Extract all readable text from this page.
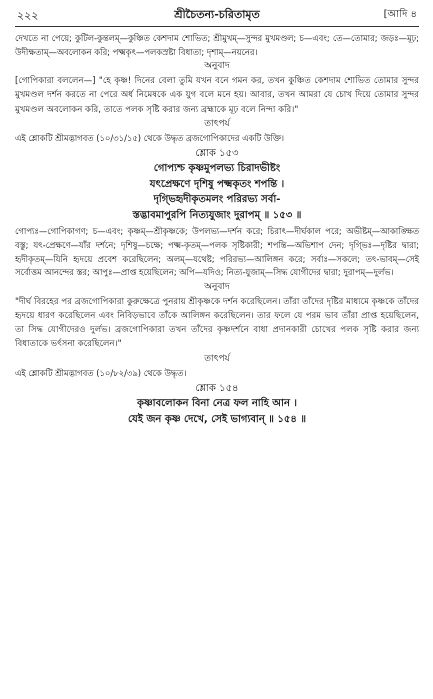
২২২	শ্রীচৈতন্য-চরিতামৃত	[আদি ৪

দেখতে না পেয়ে; কুটিল-কুন্তলম্—কুঞ্চিত কেশদাম শোভিত; শ্রীমুখম্—সুন্দর মুখমণ্ডল; চ—এবং; তে—তোমার; জড়ঃ—মূঢ়; উদীক্ষতাম্—অবলোকন করি; পক্ষ্মকৃৎ—পলকস্রষ্টা বিধাতা; দৃশাম্—নয়নের।

অনুবাদ

[গোপিকারা বললেন—] "হে কৃষ্ণ! দিনের বেলা তুমি যখন বনে গমন কর, তখন কুঞ্চিত কেশদাম শোভিত তোমার সুন্দর মুখমণ্ডল দর্শন করতে না পেরে অর্ধ নিমেষকে এক যুগ বলে মনে হয়। আবার, তখন আমরা যে চোখ দিয়ে তোমার সুন্দর মুখমণ্ডল অবলোকন করি, তাতে পলক সৃষ্টি করার জন্য ব্রহ্মাকে মূঢ় বলে নিন্দা করি।"

তাৎপর্য

এই শ্লোকটি শ্রীমদ্ভাগবত (১০/৩১/১৫) থেকে উদ্ধৃত ব্রজগোপিকাদের একটি উক্তি।

শ্লোক ১৫৩
গোপ্যশ্চ কৃষ্ণমুপলভ্য চিরাদভীষ্টং
যৎপ্রেক্ষণে দৃশিষু পক্ষ্মকৃতং শপন্তি ।
দৃগ্ভিহৃদীকৃতমলং পরিরভ্য সর্বা-
স্তদ্ভাবমাপুরপি নিত্যযুজাং দুরাপম্ ॥ ১৫৩ ॥

গোপ্যঃ—গোপিকাগণ; চ—এবং; কৃষ্ণম্—শ্রীকৃষ্ণকে; উপলভ্য—দর্শন করে; চিরাৎ—দীর্ঘকাল পরে; অভীষ্টম্—আকাঙ্ক্ষিত বস্তু; যৎ-প্রেক্ষণে—যাঁর দর্শনে; দৃশিষু—চক্ষে; পক্ষ্ম-কৃতম্—পলক সৃষ্টিকারী; শপন্তি—অভিশাপ দেন; দৃগ্ভিঃ—দৃষ্টির দ্বারা; হৃদীকৃতম্—যিনি হৃদয়ে প্রবেশ করেছিলেন; অলম্—যথেষ্ট; পরিরভ্য—আলিঙ্গন করে; সর্বাঃ—সকলে; তৎ-ভাবম্—সেই সর্বোত্তম আনন্দের স্তর; আপুঃ—প্রাপ্ত হয়েছিলেন; অপি—যদিও; নিত্য-যুজাম্—সিদ্ধ যোগীদের দ্বারা; দুরাপম্—দুর্লভ।

অনুবাদ

"দীর্ঘ বিরহের পর ব্রজগোপিকারা কুরুক্ষেত্রে পুনরায় শ্রীকৃষ্ণকে দর্শন করেছিলেন। তাঁরা তাঁদের দৃষ্টির মাধ্যমে কৃষ্ণকে তাঁদের হৃদয়ে ধারণ করেছিলেন এবং নিবিড়ভাবে তাঁকে আলিঙ্গন করেছিলেন। তার ফলে যে পরম ভাব তাঁরা প্রাপ্ত হয়েছিলেন, তা সিদ্ধ যোগীদেরও দুর্লভ। ব্রজগোপিকারা তখন তাঁদের কৃষ্ণদর্শনে বাধা প্রদানকারী চোখের পলক সৃষ্টি করার জন্য বিধাতাকে ভর্ৎসনা করেছিলেন।"

তাৎপর্য

এই শ্লোকটি শ্রীমদ্ভাগবত (১০/৮২/৩৯) থেকে উদ্ধৃত।

শ্লোক ১৫৪
কৃষ্ণাবলোকন বিনা নেত্র ফল নাহি আন ।
যেই জন কৃষ্ণ দেখে, সেই ভাগ্যবান্ ॥ ১৫৪ ॥
